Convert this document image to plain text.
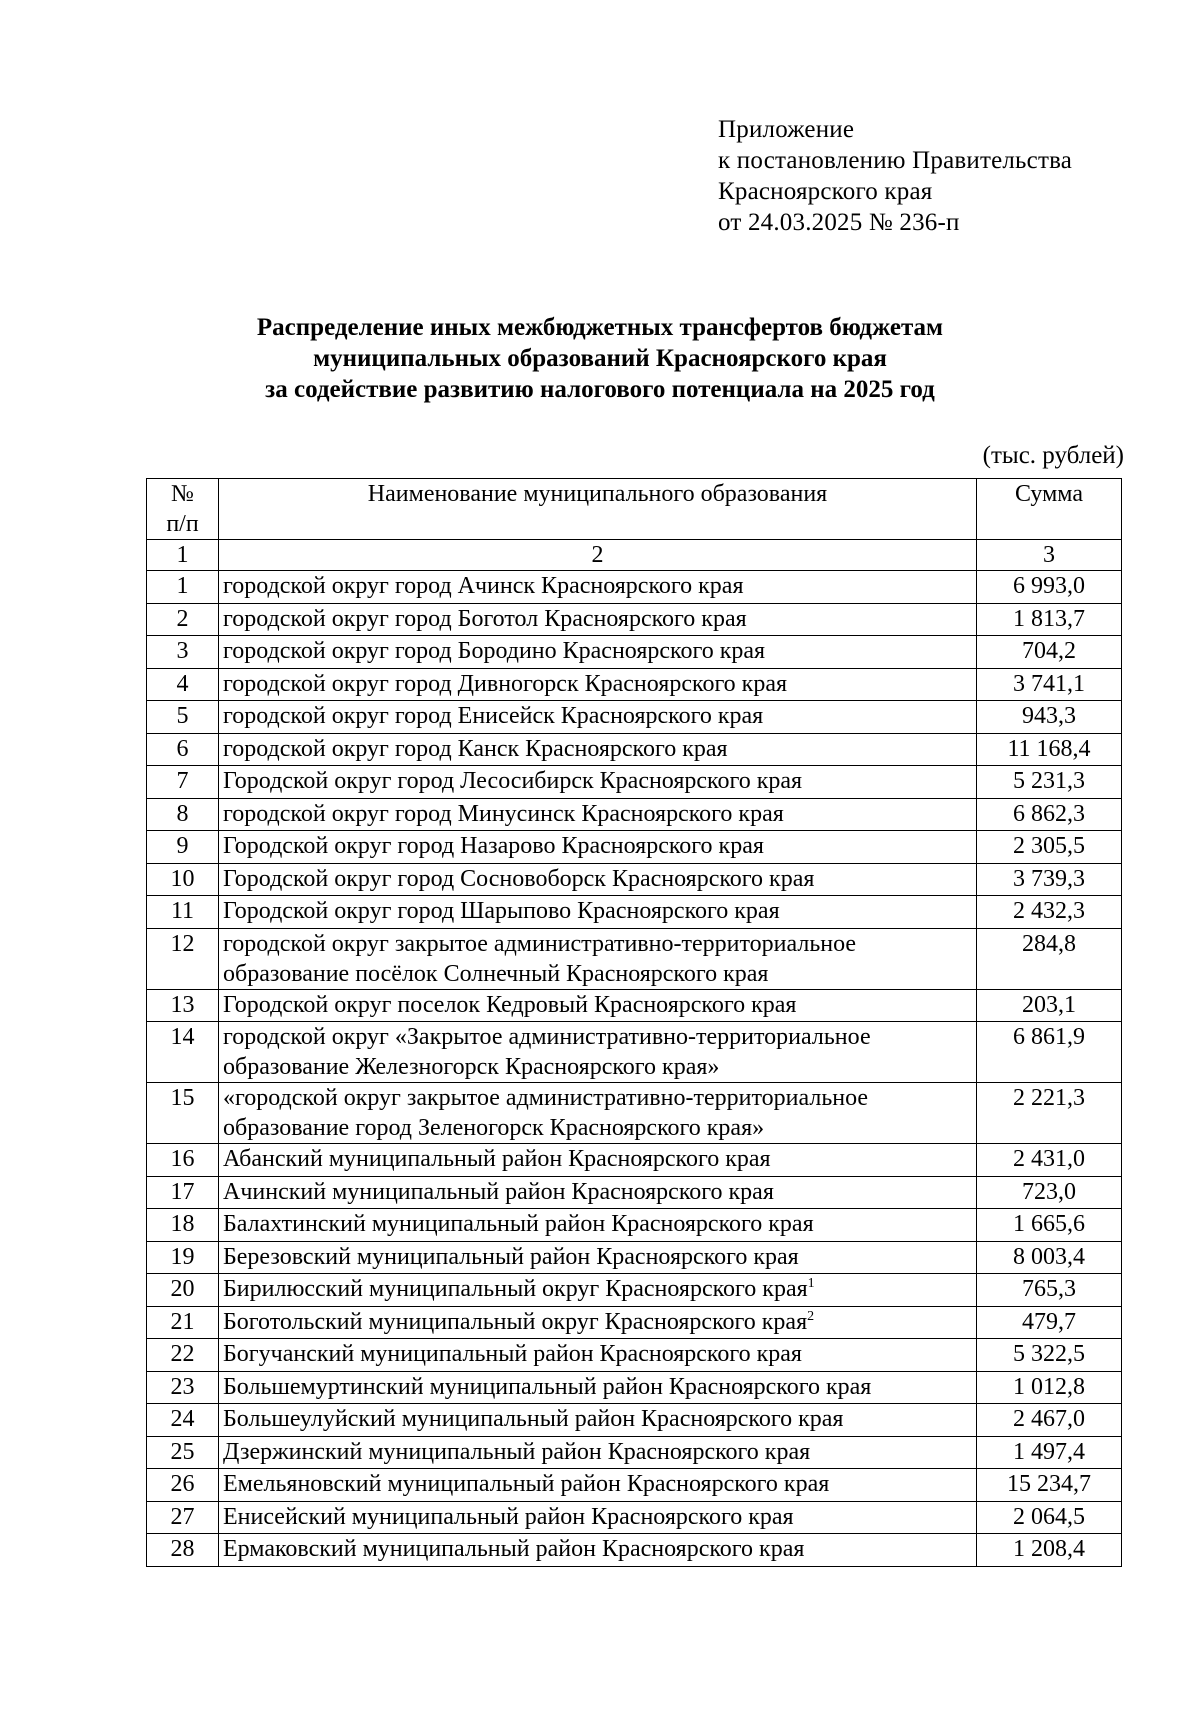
Приложение
к постановлению Правительства
Красноярского края
от 24.03.2025 № 236-п
Распределение иных межбюджетных трансфертов бюджетам
муниципальных образований Красноярского края
за содействие развитию налогового потенциала на 2025 год
(тыс. рублей)
№
п/п	Наименование муниципального образования	Сумма
1	2	3
1	городской округ город Ачинск Красноярского края	6 993,0
2	городской округ город Боготол Красноярского края	1 813,7
3	городской округ город Бородино Красноярского края	704,2
4	городской округ город Дивногорск Красноярского края	3 741,1
5	городской округ город Енисейск Красноярского края	943,3
6	городской округ город Канск Красноярского края	11 168,4
7	Городской округ город Лесосибирск Красноярского края	5 231,3
8	городской округ город Минусинск Красноярского края	6 862,3
9	Городской округ город Назарово Красноярского края	2 305,5
10	Городской округ город Сосновоборск Красноярского края	3 739,3
11	Городской округ город Шарыпово Красноярского края	2 432,3
12	городской округ закрытое административно-территориальное
образование посёлок Солнечный Красноярского края	284,8
13	Городской округ поселок Кедровый Красноярского края	203,1
14	городской округ «Закрытое административно-территориальное
образование Железногорск Красноярского края»	6 861,9
15	«городской округ закрытое административно-территориальное
образование город Зеленогорск Красноярского края»	2 221,3
16	Абанский муниципальный район Красноярского края	2 431,0
17	Ачинский муниципальный район Красноярского края	723,0
18	Балахтинский муниципальный район Красноярского края	1 665,6
19	Березовский муниципальный район Красноярского края	8 003,4
20	Бирилюсский муниципальный округ Красноярского края$^1$	765,3
21	Боготольский муниципальный округ Красноярского края$^2$	479,7
22	Богучанский муниципальный район Красноярского края	5 322,5
23	Большемуртинский муниципальный район Красноярского края	1 012,8
24	Большеулуйский муниципальный район Красноярского края	2 467,0
25	Дзержинский муниципальный район Красноярского края	1 497,4
26	Емельяновский муниципальный район Красноярского края	15 234,7
27	Енисейский муниципальный район Красноярского края	2 064,5
28	Ермаковский муниципальный район Красноярского края	1 208,4
